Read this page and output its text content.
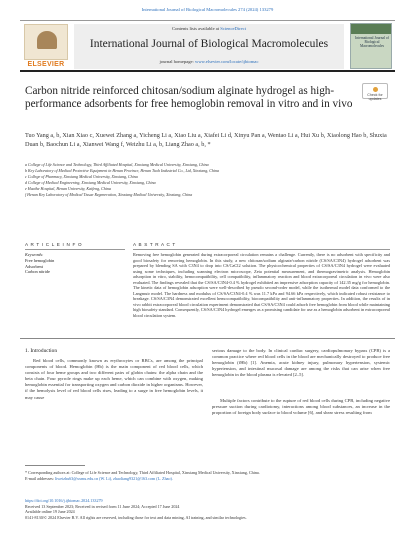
International Journal of Biological Macromolecules 274 (2024) 133279
ELSEVIER
Contents lists available at ScienceDirect
International Journal of Biological Macromolecules
journal homepage: www.elsevier.com/locate/ijbiomac
International Journal of Biological Macromolecules
Check for updates
Carbon nitride reinforced chitosan/sodium alginate hydrogel as high-performance adsorbents for free hemoglobin removal in vitro and in vivo
Tuo Yang a, b, Xian Xiao c, Xuewei Zhang a, Yicheng Li a, Xiao Liu a, Xiafei Li d, Xinyu Pan a, Wentao Li a, Hui Xu b, Xiaolong Hao b, Shuxia Duan b, Baochun Li a, Xianwei Wang f, Weizhu Li a, b, Liang Zhao a, b, *
a College of Life Science and Technology, Third Affiliated Hospital, Xinxiang Medical University, Xinxiang, China
b Key Laboratory of Medical Protective Equipment in Henan Province, Henan Tuoh Industrial Co., Ltd, Xinxiang, China
c College of Pharmacy, Xinxiang Medical University, Xinxiang, China
d College of Medical Engineering, Xinxiang Medical University, Xinxiang, China
e Huaihe Hospital, Henan University, Kaifeng, China
f Henan Key Laboratory of Medical Tissue Regeneration, Xinxiang Medical University, Xinxiang, China
A R T I C L E I N F O
Keywords:
Free hemoglobin
Adsorbent
Carbon nitride
A B S T R A C T
Removing free hemoglobin generated during extracorporeal circulation remains a challenge. Currently, there is no adsorbent with specificity and good biosafety for removing hemoglobin. In this study, a new chitosan/sodium alginate/carbon nitride (CS/SA/C3N4) hydrogel adsorbent was prepared by blending SA with C3N4 to drop into CS/CaCl2 solution. The physicochemical properties of CS/SA/C3N4 hydrogel were evaluated using some techniques, including scanning electron microscope, Zeta potential measurement, and thermogravimetric analysis. Hemoglobin adsorption in vitro, stability, hemocompatibility, cell compatibility, inflammatory reaction and blood extracorporeal circulation in vivo were also evaluated. The findings revealed that the CS/SA/C3N4-0.4 % hydrogel exhibited an impressive adsorption capacity of 142.35 mg/g for hemoglobin. The kinetic data of hemoglobin adsorption were well-described by pseudo second-order model, while the isothermal model data conformed to the Langmuir model. The hardness and modulus of CS/SA/C3N4-0.4 % was 11.7 kPa and 94.66 kPa respectively, which indicated robust resistance to breakage. CS/SA/C3N4 demonstrated excellent hemocompatibility, biocompatibility and anti-inflammatory properties. In addition, the results of in vivo rabbit extracorporeal blood circulation experiment demonstrated that CS/SA/C3N4 could adsorb free hemoglobin from blood while maintaining high biosafety standard. Consequently, CS/SA/C3N4 hydrogel emerges as a promising candidate for use as a hemoglobin adsorbent in extracorporeal blood circulation system.
1. Introduction
Red blood cells, commonly known as erythrocytes or RBCs, are among the principal components of blood. Hemoglobin (Hb) is the main component of red blood cells, which consists of four heme groups and two different pairs of globin chains: the alpha chain and the beta chain. Four pyrrole rings make up each heme, which can combine with oxygen, making hemoglobin essential for transporting oxygen and carbon dioxide in higher organisms. However, if the hemolysis level of red blood cells rises, leading to a surge in free hemoglobin levels, it may cause
serious damage to the body. In clinical cardiac surgery, cardiopulmonary bypass (CPB) is a common practice where red blood cells in the blood are mechanically destroyed to produce free hemoglobin (fHb) [1]. Anemia, acute kidney injury, pulmonary hypertension, systemic hypertension, and intestinal mucosal damage are among the risks that can arise when free hemoglobin in the blood plasma is elevated [2–5].
Multiple factors contribute to the rupture of red blood cells during CPB, including negative pressure suction during cardiotomy, interactions among blood substances, an increase in the proportion of foreign body surface to blood volume [6], and shear stress resulting from
* Corresponding authors at: College of Life Science and Technology, Third Affiliated Hospital, Xinxiang Medical University, Xinxiang, China.
E-mail addresses: liweizhu63@xxmu.edu.cn (W. Li), zhaoliang9321@163.com (L. Zhao).
https://doi.org/10.1016/j.ijbiomac.2024.133279
Received 13 September 2023; Received in revised form 11 June 2024; Accepted 17 June 2024
Available online 19 June 2024
0141-8130/© 2024 Elsevier B.V. All rights are reserved, including those for text and data mining, AI training, and similar technologies.
